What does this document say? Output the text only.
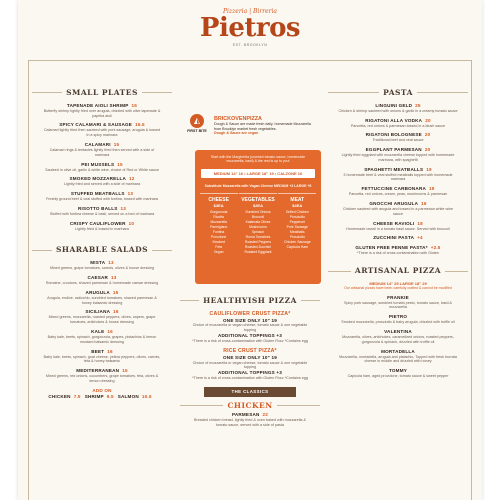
Pizzeria | Birreria
Pietros
EST. BROOKLYN
SMALL PLATES
TAPENADE AIOLI SHRIMP 15
Butterfly shrimp lightly fried over arugula, drizzled with olive tapenade & paprika aioli
SPICY CALAMARI & SAUSAGE 16.5
Calamari lightly fried then sauteed with pork sausage, arugula & tossed in a spicy marinara
CALAMARI 15
Calamari rings & tentacles lightly fried then served with a side of marinara
PEI MUSSELS 15
Sauteed in olive oil, garlic & white wine, choice of Red or White sauce
SMOKED MOZZARELLA 12
Lightly fried and served with a side of marinara
STUFFED MEATBALLS 13
Freshly ground beef & veal stuffed with fontina, tossed with marinara
RISOTTO BALLS 13
Stuffed with fontina cheese & basil, served on a bed of marinara
CRISPY CAULIFLOWER 10
Lightly fried & tossed in marinara
SHARABLE SALADS
MISTA 13
Mixed greens, grape tomatoes, carrots, olives & house dressing
CAESAR 13
Romaine, croutons, shaved parmesan & homemade caesar dressing
ARUGULA 15
Arugula, endive, radicchio, sundried tomatoes, shaved parmesan & honey balsamic dressing
SICILIANA 16
Mixed greens, mozzarella, roasted peppers, olives, capers, grape tomatoes, artichokes & house dressing
KALE 16
Baby kale, beets, spinach, gorgonzola, grapes, pistachios & lemon mustard balsamic dressing
BEET 16
Baby kale, beets, spinach, goat cheese, yellow peppers, olives, carrots, feta & honey balsamic
MEDITERRANEAN 15
Mixed greens, red onions, cucumbers, grape tomatoes, feta, olives & lemon dressing
ADD ON
CHICKEN 7.5 SHRIMP 9.5 SALMON 10.5
◭
FIRST BITE
BRICKOVENPIZZA
Dough & Sauce are made fresh daily, homemade Mozzarella from Brooklyn market fresh vegetables.
Dough & Sauce are vegan
Start with the Margherita (crushed tomato sauce, homemade mozzarella, basil) & the rest is up to you!
MEDIUM 14" 16 • LARGE 18" 19 • CALZONE 16
Substitute Mozzarella with Vegan Cheese MEDIUM +3 LARGE +5
CHEESE
$3EA
Gorgonzola
Ricotta
Mozzarella
Parmigiano
Fontina
Provolone
Smoked
Feta
Vegan
VEGETABLES
$2EA
Sundried Onions
Broccoli
Kalamata Olives
Mushrooms
Spinach
Roma Tomatoes
Roasted Peppers
Roasted Zucchini
Roasted Eggplant
MEAT
$4EA
Grilled Chicken
Prosciutto
Pepperoni
Pork Sausage
Meatballs
Prosciutto
Chicken Sausage
Capicola Ham
HEALTHYISH PIZZA
CAULIFLOWER CRUST PIZZA*
ONE SIZE ONLY 10" 19
Choice of mozzarella or vegan cheese, tomato sauce & one vegetable topping
ADDITIONAL TOPPINGS +3
*There is a risk of cross-contamination with Gluten Flour *Contains egg
RICE CRUST PIZZA*
ONE SIZE ONLY 10" 19
Choice of mozzarella or vegan cheese, tomato sauce & one vegetable topping
ADDITIONAL TOPPINGS +3
*There is a risk of cross-contamination with Gluten Flour *Contains egg
THE CLASSICS
CHICKEN
PARMESAN 22
Breaded chicken breast, lightly fried & oven baked with mozzarella & tomato sauce, served with a side of pasta
PASTA
LINGUINI GELD 25
Chicken & shrimp sauteed with onions & garlic in a creamy tomato sauce
RIGATONI ALLA VODKA 20
Pancetta, red onions & parmesan tossed in a blush sauce
RIGATONI BOLOGNESE 20
Traditional beef and veal sauce
EGGPLANT PARMESAN 20
Lightly fried eggplant with mozzarella cheese topped with homemade marinara, with spaghetti
SPAGHETTI MEATBALLS 19
3 homemade beef & veal stuffed meatballs topped with homemade marinara
FETTUCCINE CARBONARA 19
Pancetta, red onions, cream, peas, mushrooms & parmesan
GNOCCHI ARUGULA 16
Chicken sauteed with arugula and tossed in a parmesan white wine sauce
CHEESE RAVIOLI 18
Homemade ravioli in a tomato basil sauce. Served with broccoli
ZUCCHINI PASTA +4
GLUTEN FREE PENNE PASTA* +2.5
*There is a risk of cross contamination with Gluten
ARTISANAL PIZZA
MEDIUM 14" 25 LARGE 18" 29
Our artisanal pizzas have been carefully crafted & cannot be modified
FRANKIE
Spicy pork sausage, sundried tomato pesto, tomato sauce, basil & mozzarella
PIETRO
Smoked mozzarella, prosciutto & baby arugula, drizzled with truffle oil
VALENTINA
Mozzarella, olives, artichokes, caramelized onions, roasted peppers, gorgonzola & spinach, drizzled with truffle oil
MORTADELLA
Mozzarella, mortadella, arugula and pistachio, Topped with fresh burrata cheese in middle and drizzled with honey
TOMMY
Capicola ham, aged provolone, tomato sauce & sweet pepper
